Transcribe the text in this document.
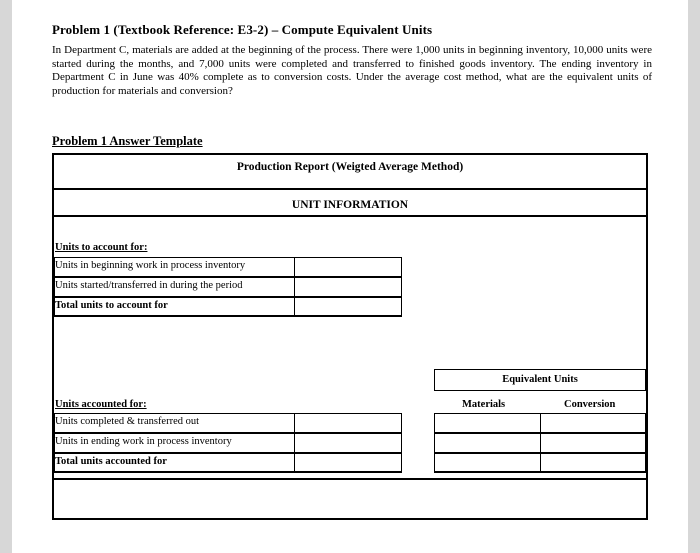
Problem 1 (Textbook Reference: E3-2) – Compute Equivalent Units
In Department C, materials are added at the beginning of the process. There were 1,000 units in beginning inventory, 10,000 units were started during the months, and 7,000 units were completed and transferred to finished goods inventory. The ending inventory in Department C in June was 40% complete as to conversion costs. Under the average cost method, what are the equivalent units of production for materials and conversion?
Problem 1 Answer Template
Production Report (Weigted Average Method)
UNIT INFORMATION
Units to account for:
Units in beginning work in process inventory
Units started/transferred in during the period
Total units to account for
Equivalent Units
Materials	Conversion
Units accounted for:
Units completed & transferred out
Units in ending work in process inventory
Total units accounted for
